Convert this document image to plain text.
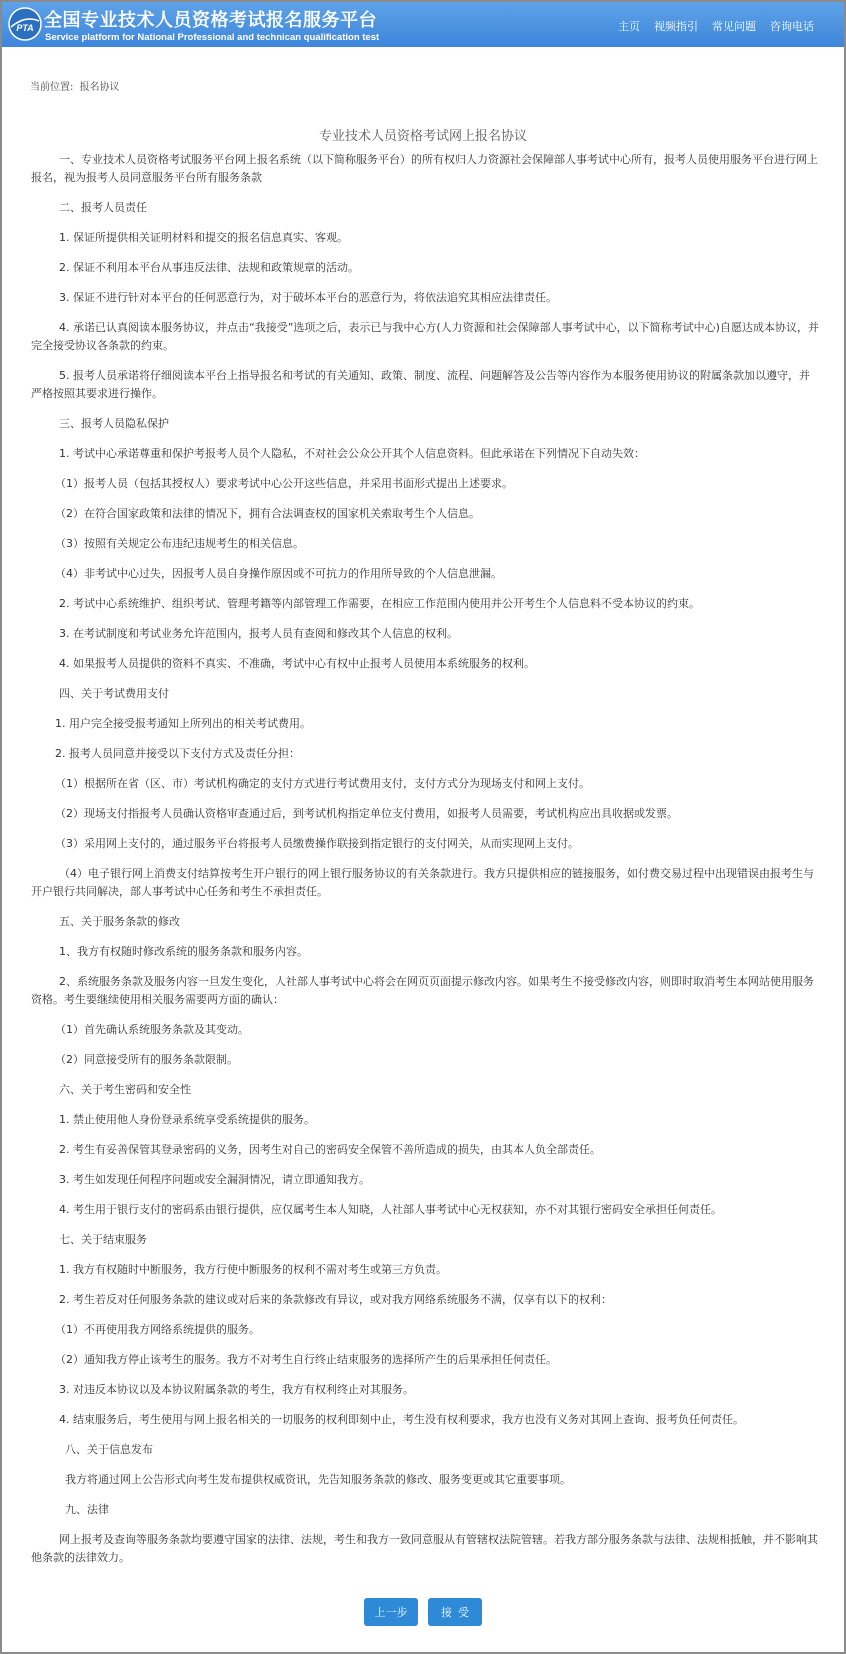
PTA 全国专业技术人员资格考试报名服务平台
Service platform for National Professional and technican qualification test
主页 视频指引 常见问题 咨询电话
当前位置: 报名协议
专业技术人员资格考试网上报名协议

一、专业技术人员资格考试服务平台网上报名系统（以下简称服务平台）的所有权归人力资源社会保障部人事考试中心所有，报考人员使用服务平台进行网上报名，视为报考人员同意服务平台所有服务条款

二、报考人员责任

1. 保证所提供相关证明材料和提交的报名信息真实、客观。

2. 保证不利用本平台从事违反法律、法规和政策规章的活动。

3. 保证不进行针对本平台的任何恶意行为，对于破坏本平台的恶意行为，将依法追究其相应法律责任。

4. 承诺已认真阅读本服务协议，并点击“我接受”选项之后，表示已与我中心方(人力资源和社会保障部人事考试中心，以下简称考试中心)自愿达成本协议，并完全接受协议各条款的约束。

5. 报考人员承诺将仔细阅读本平台上指导报名和考试的有关通知、政策、制度、流程、问题解答及公告等内容作为本服务使用协议的附属条款加以遵守，并严格按照其要求进行操作。

三、报考人员隐私保护

1. 考试中心承诺尊重和保护考报考人员个人隐私，不对社会公众公开其个人信息资料。但此承诺在下列情况下自动失效：

（1）报考人员（包括其授权人）要求考试中心公开这些信息，并采用书面形式提出上述要求。

（2）在符合国家政策和法律的情况下，拥有合法调查权的国家机关索取考生个人信息。

（3）按照有关规定公布违纪违规考生的相关信息。

（4）非考试中心过失，因报考人员自身操作原因或不可抗力的作用所导致的个人信息泄漏。

2. 考试中心系统维护、组织考试、管理考籍等内部管理工作需要，在相应工作范围内使用并公开考生个人信息料不受本协议的约束。

3. 在考试制度和考试业务允许范围内，报考人员有查阅和修改其个人信息的权利。

4. 如果报考人员提供的资料不真实、不准确，考试中心有权中止报考人员使用本系统服务的权利。

四、关于考试费用支付

1. 用户完全接受报考通知上所列出的相关考试费用。

2. 报考人员同意并接受以下支付方式及责任分担：

（1）根据所在省（区、市）考试机构确定的支付方式进行考试费用支付，支付方式分为现场支付和网上支付。

（2）现场支付指报考人员确认资格审查通过后，到考试机构指定单位支付费用，如报考人员需要，考试机构应出具收据或发票。

（3）采用网上支付的，通过服务平台将报考人员缴费操作联接到指定银行的支付网关，从而实现网上支付。

（4）电子银行网上消费支付结算按考生开户银行的网上银行服务协议的有关条款进行。我方只提供相应的链接服务，如付费交易过程中出现错误由报考生与开户银行共同解决，部人事考试中心任务和考生不承担责任。

五、关于服务条款的修改

1、我方有权随时修改系统的服务条款和服务内容。

2、系统服务条款及服务内容一旦发生变化，人社部人事考试中心将会在网页页面提示修改内容。如果考生不接受修改内容，则即时取消考生本网站使用服务资格。考生要继续使用相关服务需要两方面的确认：

（1）首先确认系统服务条款及其变动。

（2）同意接受所有的服务条款限制。

六、关于考生密码和安全性

1. 禁止使用他人身份登录系统享受系统提供的服务。

2. 考生有妥善保管其登录密码的义务，因考生对自己的密码安全保管不善所造成的损失，由其本人负全部责任。

3. 考生如发现任何程序问题或安全漏洞情况，请立即通知我方。

4. 考生用于银行支付的密码系由银行提供，应仅属考生本人知晓，人社部人事考试中心无权获知，亦不对其银行密码安全承担任何责任。

七、关于结束服务

1. 我方有权随时中断服务，我方行使中断服务的权利不需对考生或第三方负责。

2. 考生若反对任何服务条款的建议或对后来的条款修改有异议，或对我方网络系统服务不满，仅享有以下的权利：

（1）不再使用我方网络系统提供的服务。

（2）通知我方停止该考生的服务。我方不对考生自行终止结束服务的选择所产生的后果承担任何责任。

3. 对违反本协议以及本协议附属条款的考生，我方有权利终止对其服务。

4. 结束服务后，考生使用与网上报名相关的一切服务的权利即刻中止，考生没有权利要求，我方也没有义务对其网上查询、报考负任何责任。

八、关于信息发布

我方将通过网上公告形式向考生发布提供权威资讯，先告知服务条款的修改、服务变更或其它重要事项。

九、法律

网上报考及查询等服务条款均要遵守国家的法律、法规，考生和我方一致同意服从有管辖权法院管辖。若我方部分服务条款与法律、法规相抵触，并不影响其他条款的法律效力。

上一步	接受
